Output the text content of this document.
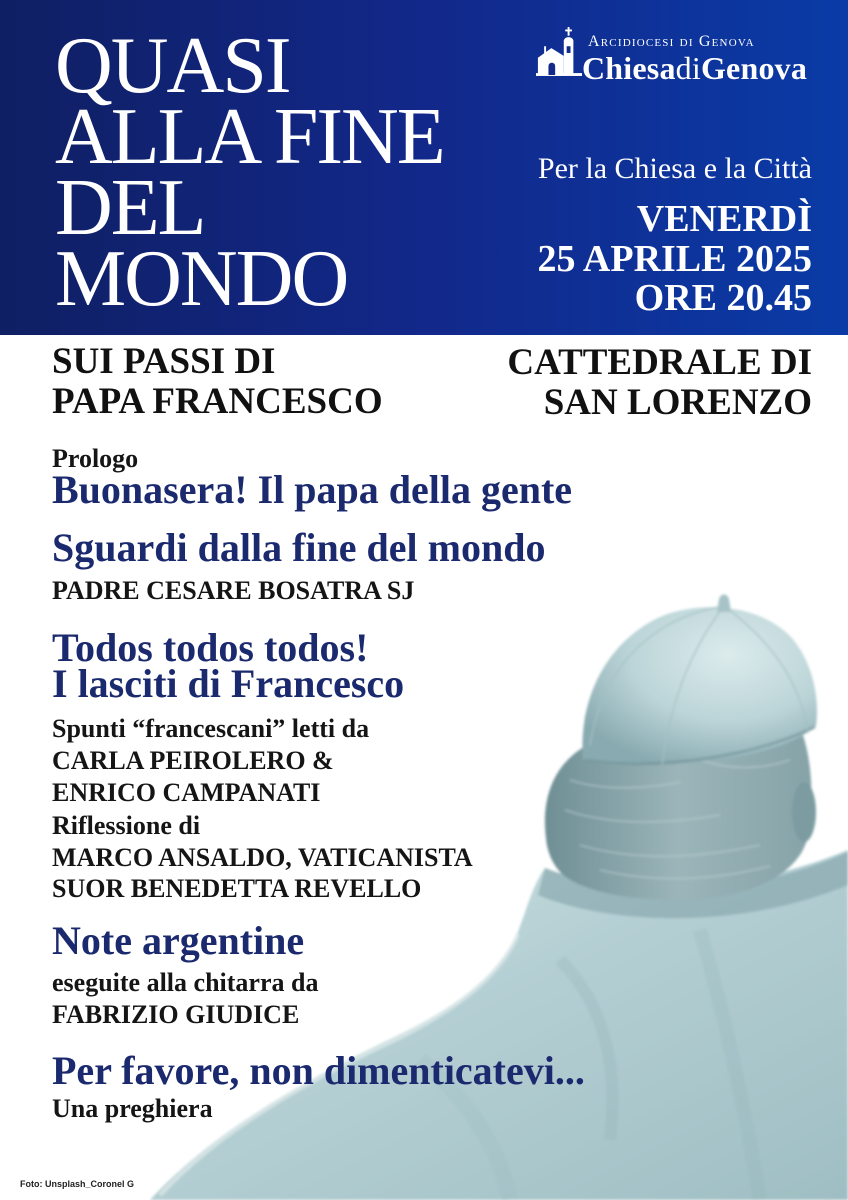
QUASI
ALLA FINE
DEL
MONDO
Arcidiocesi di Genova
ChiesadiGenova
Per la Chiesa e la Città
VENERDÌ
25 APRILE 2025
ORE 20.45
SUI PASSI DI
PAPA FRANCESCO
CATTEDRALE DI
SAN LORENZO
Prologo
Buonasera! Il papa della gente
Sguardi dalla fine del mondo
PADRE CESARE BOSATRA SJ
Todos todos todos!
I lasciti di Francesco
Spunti “francescani” letti da
CARLA PEIROLERO &
ENRICO CAMPANATI
Riflessione di
MARCO ANSALDO, VATICANISTA
SUOR BENEDETTA REVELLO
Note argentine
eseguite alla chitarra da
FABRIZIO GIUDICE
Per favore, non dimenticatevi...
Una preghiera
Foto: Unsplash_Coronel G
